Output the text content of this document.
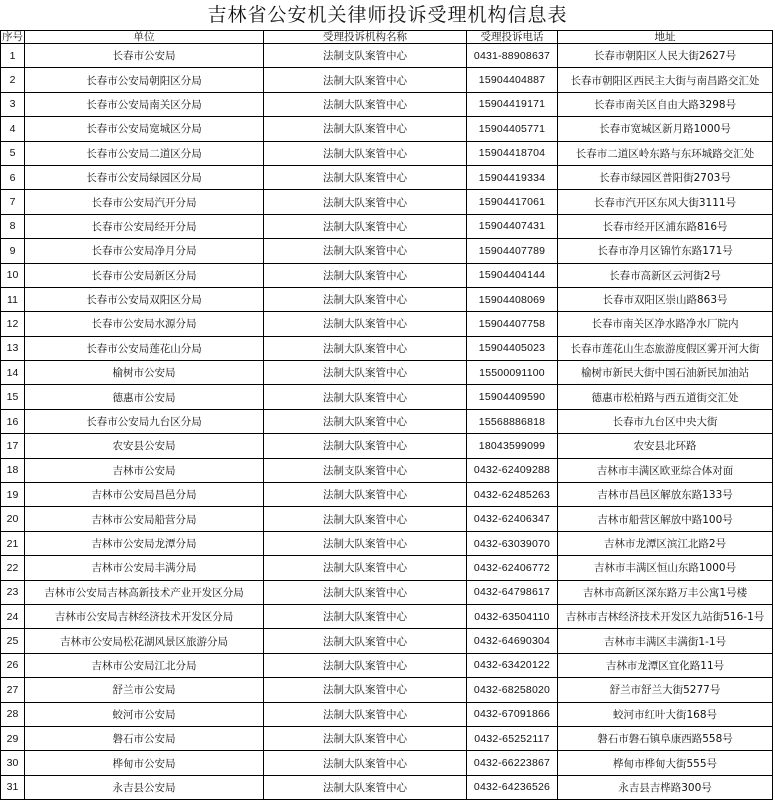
吉林省公安机关律师投诉受理机构信息表
序号	单位	受理投诉机构名称	受理投诉电话	地址
1	长春市公安局	法制支队案管中心	0431-88908637	长春市朝阳区人民大街2627号
2	长春市公安局朝阳区分局	法制大队案管中心	15904404887	长春市朝阳区西民主大街与南昌路交汇处
3	长春市公安局南关区分局	法制大队案管中心	15904419171	长春市南关区自由大路3298号
4	长春市公安局宽城区分局	法制大队案管中心	15904405771	长春市宽城区新月路1000号
5	长春市公安局二道区分局	法制大队案管中心	15904418704	长春市二道区岭东路与东环城路交汇处
6	长春市公安局绿园区分局	法制大队案管中心	15904419334	长春市绿园区普阳街2703号
7	长春市公安局汽开分局	法制大队案管中心	15904417061	长春市汽开区东风大街3111号
8	长春市公安局经开分局	法制大队案管中心	15904407431	长春市经开区浦东路816号
9	长春市公安局净月分局	法制大队案管中心	15904407789	长春市净月区锦竹东路171号
10	长春市公安局新区分局	法制大队案管中心	15904404144	长春市高新区云河街2号
11	长春市公安局双阳区分局	法制大队案管中心	15904408069	长春市双阳区崇山路863号
12	长春市公安局水源分局	法制大队案管中心	15904407758	长春市南关区净水路净水厂院内
13	长春市公安局莲花山分局	法制大队案管中心	15904405023	长春市莲花山生态旅游度假区雾开河大街
14	榆树市公安局	法制大队案管中心	15500091100	榆树市新民大街中国石油新民加油站
15	德惠市公安局	法制大队案管中心	15904409590	德惠市松柏路与西五道街交汇处
16	长春市公安局九台区分局	法制大队案管中心	15568886818	长春市九台区中央大街
17	农安县公安局	法制大队案管中心	18043599099	农安县北环路
18	吉林市公安局	法制支队案管中心	0432-62409288	吉林市丰满区欧亚综合体对面
19	吉林市公安局昌邑分局	法制大队案管中心	0432-62485263	吉林市昌邑区解放东路133号
20	吉林市公安局船营分局	法制大队案管中心	0432-62406347	吉林市船营区解放中路100号
21	吉林市公安局龙潭分局	法制大队案管中心	0432-63039070	吉林市龙潭区滨江北路2号
22	吉林市公安局丰满分局	法制大队案管中心	0432-62406772	吉林市丰满区恒山东路1000号
23	吉林市公安局吉林高新技术产业开发区分局	法制大队案管中心	0432-64798617	吉林市高新区深东路万丰公寓1号楼
24	吉林市公安局吉林经济技术开发区分局	法制大队案管中心	0432-63504110	吉林市吉林经济技术开发区九站街516-1号
25	吉林市公安局松花湖风景区旅游分局	法制大队案管中心	0432-64690304	吉林市丰满区丰满街1-1号
26	吉林市公安局江北分局	法制大队案管中心	0432-63420122	吉林市龙潭区宜化路11号
27	舒兰市公安局	法制大队案管中心	0432-68258020	舒兰市舒兰大街5277号
28	蛟河市公安局	法制大队案管中心	0432-67091866	蛟河市红叶大街168号
29	磐石市公安局	法制大队案管中心	0432-65252117	磐石市磐石镇阜康西路558号
30	桦甸市公安局	法制大队案管中心	0432-66223867	桦甸市桦甸大街555号
31	永吉县公安局	法制大队案管中心	0432-64236526	永吉县吉桦路300号
